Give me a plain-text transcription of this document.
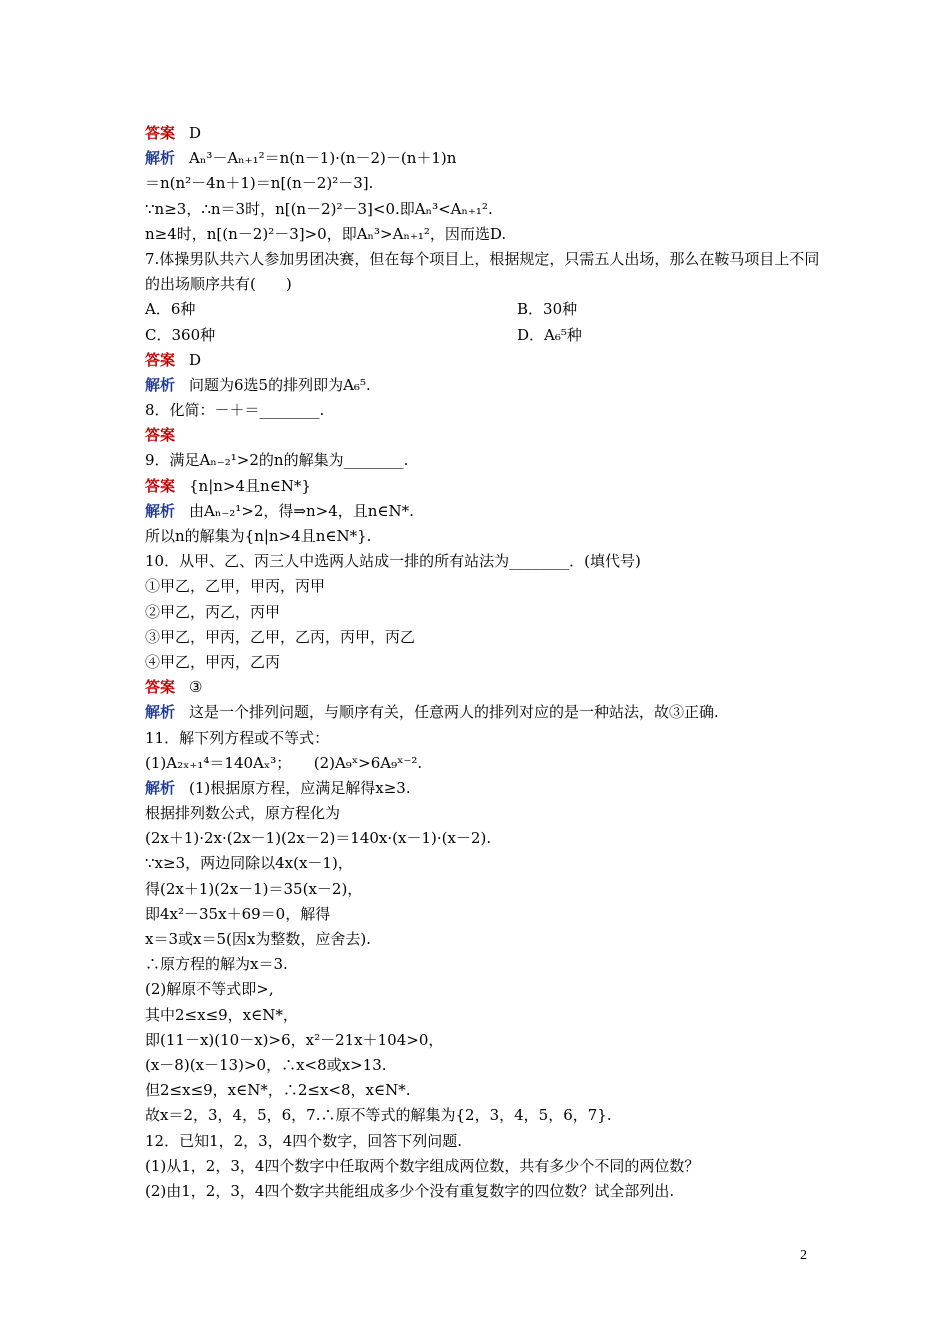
答案 D
解析 Aₙ³－Aₙ₊₁²＝n(n－1)·(n－2)－(n＋1)n
＝n(n²－4n＋1)＝n[(n－2)²－3].
∵n≥3，∴n＝3时，n[(n－2)²－3]<0.即Aₙ³<Aₙ₊₁².
n≥4时，n[(n－2)²－3]>0，即Aₙ³>Aₙ₊₁²，因而选D.
7.体操男队共六人参加男团决赛，但在每个项目上，根据规定，只需五人出场，那么在鞍马项目上不同的出场顺序共有(　　)
A．6种	B．30种
C．360种	D．A₆⁵种
答案 D
解析 问题为6选5的排列即为A₆⁵.
8．化简：－＋＝________.
答案
9．满足Aₙ₋₂¹>2的n的解集为________.
答案 {n|n>4且n∈N*}
解析 由Aₙ₋₂¹>2，得⇒n>4，且n∈N*.
所以n的解集为{n|n>4且n∈N*}.
10．从甲、乙、丙三人中选两人站成一排的所有站法为________．(填代号)
①甲乙，乙甲，甲丙，丙甲
②甲乙，丙乙，丙甲
③甲乙，甲丙，乙甲，乙丙，丙甲，丙乙
④甲乙，甲丙，乙丙
答案 ③
解析 这是一个排列问题，与顺序有关，任意两人的排列对应的是一种站法，故③正确.
11．解下列方程或不等式：
(1)A₂ₓ₊₁⁴＝140Aₓ³；　　(2)A₉ˣ>6A₉ˣ⁻².
解析 (1)根据原方程，应满足解得x≥3.
根据排列数公式，原方程化为
(2x＋1)·2x·(2x－1)(2x－2)＝140x·(x－1)·(x－2).
∵x≥3，两边同除以4x(x－1)，
得(2x＋1)(2x－1)＝35(x－2)，
即4x²－35x＋69＝0，解得
x＝3或x＝5(因x为整数，应舍去).
∴原方程的解为x＝3.
(2)解原不等式即>,
其中2≤x≤9，x∈N*，
即(11－x)(10－x)>6，x²－21x＋104>0，
(x－8)(x－13)>0，∴x<8或x>13.
但2≤x≤9，x∈N*，∴2≤x<8，x∈N*.
故x＝2，3，4，5，6，7.∴原不等式的解集为{2，3，4，5，6，7}.
12．已知1，2，3，4四个数字，回答下列问题.
(1)从1，2，3，4四个数字中任取两个数字组成两位数，共有多少个不同的两位数？
(2)由1，2，3，4四个数字共能组成多少个没有重复数字的四位数？试全部列出.
2
